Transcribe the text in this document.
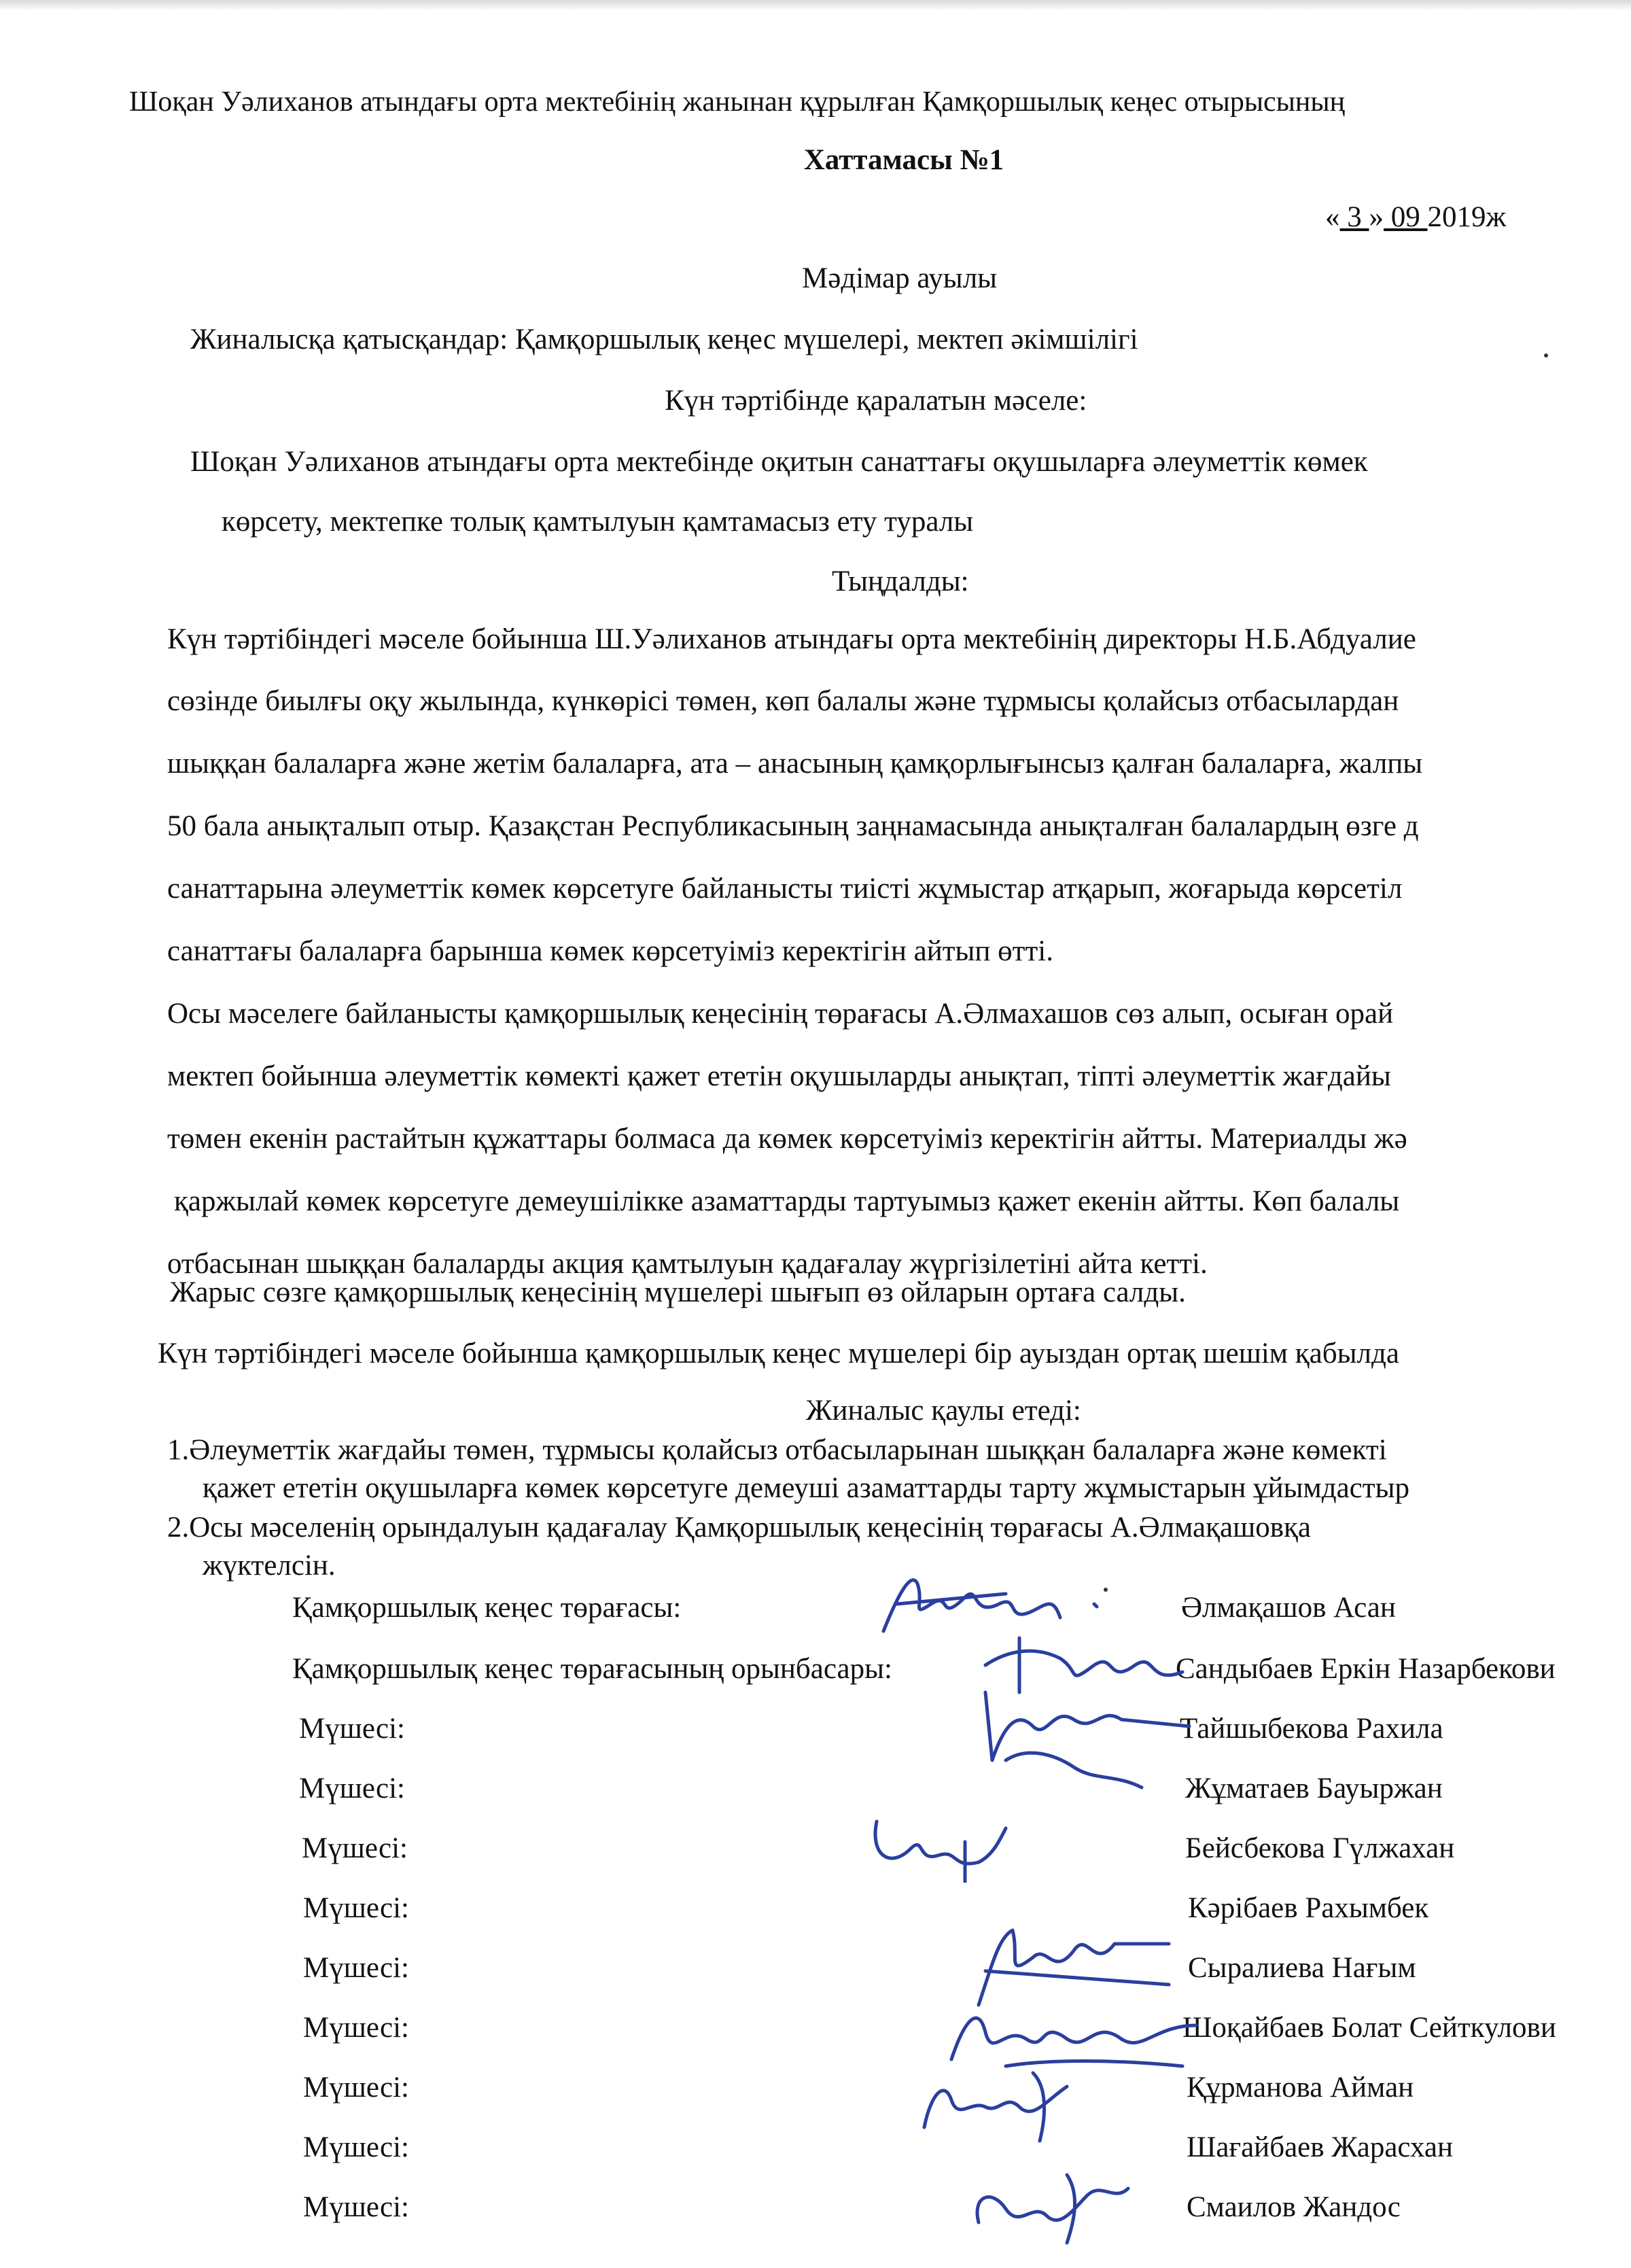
Шоқан Уәлиханов атындағы орта мектебінің жанынан құрылған Қамқоршылық кеңес отырысының
Хаттамасы №1
« 3 » 09 2019ж
Мәдімар ауылы
Жиналысқа қатысқандар: Қамқоршылық кеңес мүшелері, мектеп әкімшілігі
Күн тәртібінде қаралатын мәселе:
Шоқан Уәлиханов атындағы орта мектебінде оқитын санаттағы оқушыларға әлеуметтік көмек
көрсету, мектепке толық қамтылуын қамтамасыз ету туралы
Тыңдалды:
Күн тәртібіндегі мәселе бойынша Ш.Уәлиханов атындағы орта мектебінің директоры Н.Б.Абдуалие
сөзінде биылғы оқу жылында, күнкөрісі төмен, көп балалы және тұрмысы қолайсыз отбасылардан
шыққан балаларға және жетім балаларға, ата – анасының қамқорлығынсыз қалған балаларға, жалпы
50 бала анықталып отыр. Қазақстан Республикасының заңнамасында анықталған балалардың өзге д
санаттарына әлеуметтік көмек көрсетуге байланысты тиісті жұмыстар атқарып, жоғарыда көрсетіл
санаттағы балаларға барынша көмек көрсетуіміз керектігін айтып өтті.
Осы мәселеге байланысты қамқоршылық кеңесінің төрағасы А.Әлмахашов сөз алып, осыған орай
мектеп бойынша әлеуметтік көмекті қажет ететін оқушыларды анықтап, тіпті әлеуметтік жағдайы
төмен екенін растайтын құжаттары болмаса да көмек көрсетуіміз керектігін айтты. Материалды жә
қаржылай көмек көрсетуге демеушілікке азаматтарды тартуымыз қажет екенін айтты. Көп балалы
отбасынан шыққан балаларды акция қамтылуын қадағалау жүргізілетіні айта кетті.
Жарыс сөзге қамқоршылық кеңесінің мүшелері шығып өз ойларын ортаға салды.
Күн тәртібіндегі мәселе бойынша қамқоршылық кеңес мүшелері бір ауыздан ортақ шешім қабылда
Жиналыс қаулы етеді:
1.Әлеуметтік жағдайы төмен, тұрмысы қолайсыз отбасыларынан шыққан балаларға және көмекті
қажет ететін оқушыларға көмек көрсетуге демеуші азаматтарды тарту жұмыстарын ұйымдастыр
2.Осы мәселенің орындалуын қадағалау Қамқоршылық кеңесінің төрағасы А.Әлмақашовқа
жүктелсін.
Қамқоршылық кеңес төрағасы:	Әлмақашов Асан
Қамқоршылық кеңес төрағасының орынбасары:	Сандыбаев Еркін Назарбекови
Мүшесі:	Тайшыбекова Рахила
Мүшесі:	Жұматаев Бауыржан
Мүшесі:	Бейсбекова Гүлжахан
Мүшесі:	Кәрібаев Рахымбек
Мүшесі:	Сыралиева Нағым
Мүшесі:	Шоқайбаев Болат Сейткулови
Мүшесі:	Құрманова Айман
Мүшесі:	Шағайбаев Жарасхан
Мүшесі:	Смаилов Жандос
